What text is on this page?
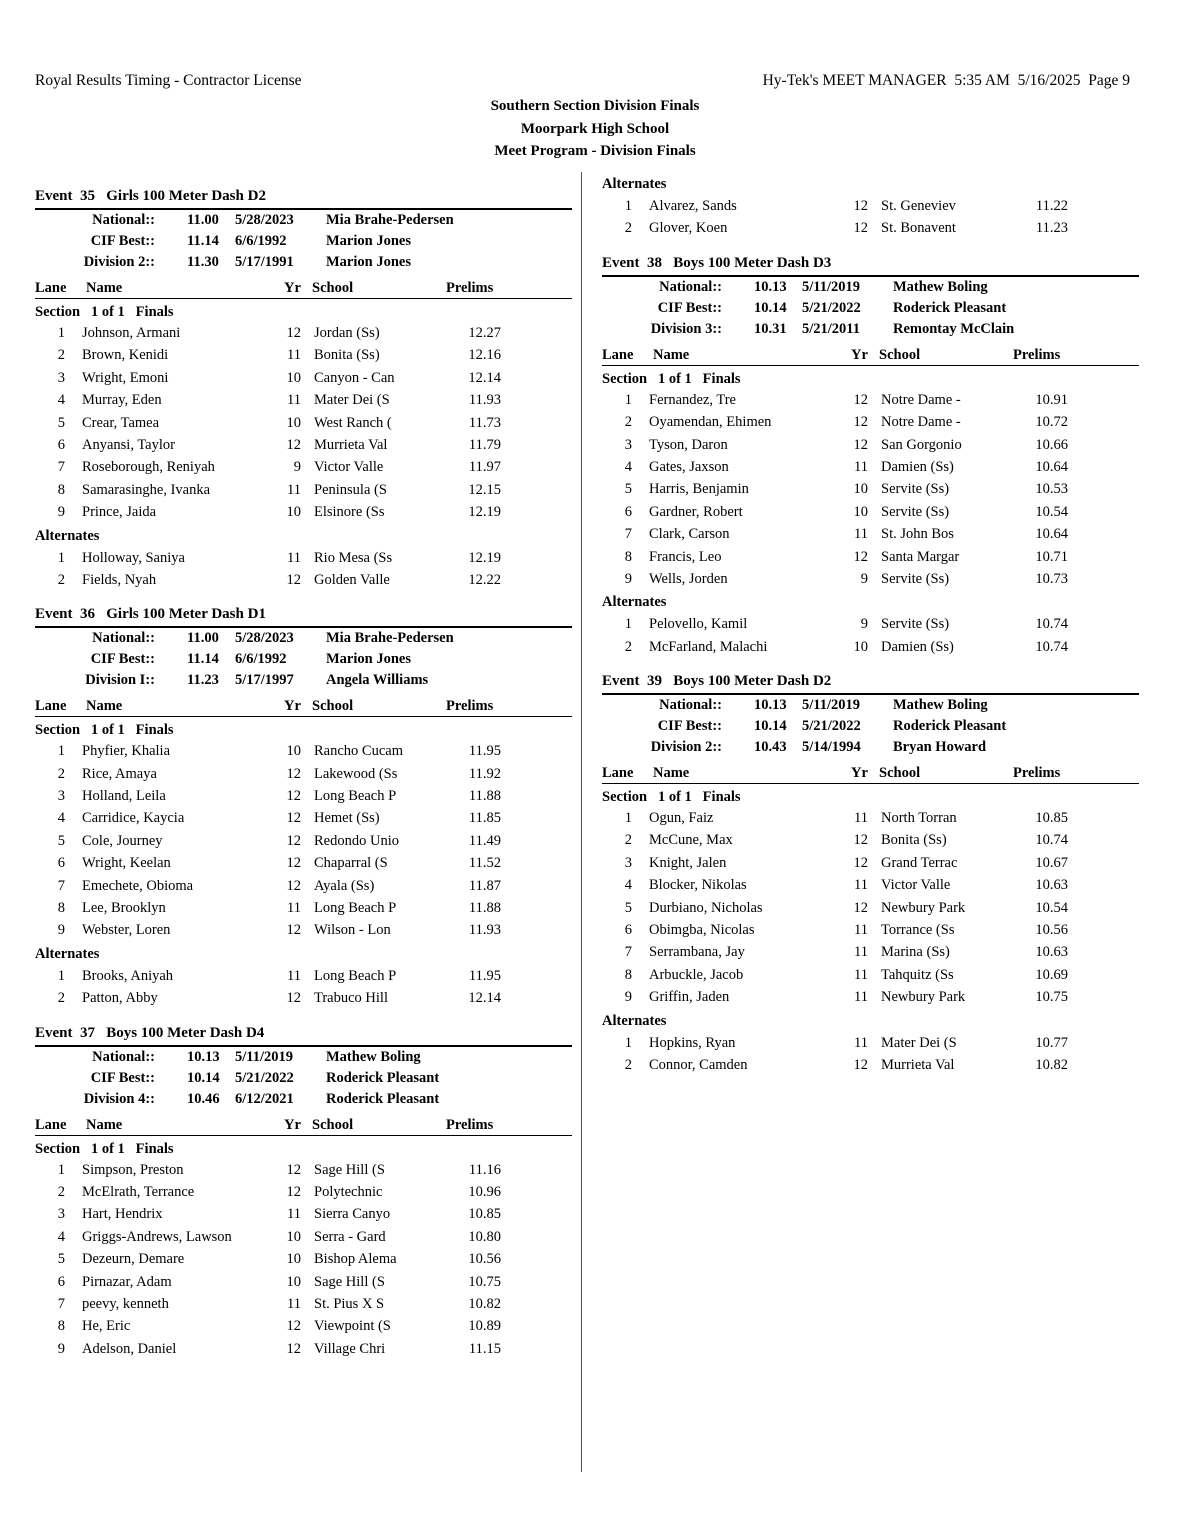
Royal Results Timing - Contractor License	Hy-Tek's MEET MANAGER  5:35 AM  5/16/2025  Page 9
Southern Section Division Finals
Moorpark High School
Meet Program - Division Finals
Event  35   Girls 100 Meter Dash D2
National:: 11.00 5/28/2023 Mia Brahe-Pedersen
CIF Best:: 11.14 6/6/1992	Marion Jones
Division 2:: 11.30 5/17/1991 Marion Jones
Lane Name	Yr School	Prelims
Section   1 of 1   Finals
1 Johnson, Armani	12 Jordan (Ss)	12.27
2 Brown, Kenidi	11 Bonita (Ss)	12.16
3 Wright, Emoni	10 Canyon - Can	12.14
4 Murray, Eden	11 Mater Dei (S	11.93
5 Crear, Tamea	10 West Ranch (	11.73
6 Anyansi, Taylor	12 Murrieta Val	11.79
7 Roseborough, Reniyah	9 Victor Valle	11.97
8 Samarasinghe, Ivanka	11 Peninsula (S	12.15
9 Prince, Jaida	10 Elsinore (Ss	12.19
Alternates
1 Holloway, Saniya	11 Rio Mesa (Ss	12.19
2 Fields, Nyah	12 Golden Valle	12.22
Event  36   Girls 100 Meter Dash D1
National:: 11.00 5/28/2023 Mia Brahe-Pedersen
CIF Best:: 11.14 6/6/1992	Marion Jones
Division I:: 11.23 5/17/1997 Angela Williams
Lane Name	Yr School	Prelims
Section   1 of 1   Finals
1 Phyfier, Khalia	10 Rancho Cucam	11.95
2 Rice, Amaya	12 Lakewood (Ss	11.92
3 Holland, Leila	12 Long Beach P	11.88
4 Carridice, Kaycia	12 Hemet (Ss)	11.85
5 Cole, Journey	12 Redondo Unio	11.49
6 Wright, Keelan	12 Chaparral (S	11.52
7 Emechete, Obioma	12 Ayala (Ss)	11.87
8 Lee, Brooklyn	11 Long Beach P	11.88
9 Webster, Loren	12 Wilson - Lon	11.93
Alternates
1 Brooks, Aniyah	11 Long Beach P	11.95
2 Patton, Abby	12 Trabuco Hill	12.14
Event  37   Boys 100 Meter Dash D4
National:: 10.13 5/11/2019 Mathew Boling
CIF Best:: 10.14 5/21/2022 Roderick Pleasant
Division 4:: 10.46 6/12/2021 Roderick Pleasant
Lane Name	Yr School	Prelims
Section   1 of 1   Finals
1 Simpson, Preston	12 Sage Hill (S	11.16
2 McElrath, Terrance	12 Polytechnic	10.96
3 Hart, Hendrix	11 Sierra Canyo	10.85
4 Griggs-Andrews, Lawson	10 Serra - Gard	10.80
5 Dezeurn, Demare	10 Bishop Alema	10.56
6 Pirnazar, Adam	10 Sage Hill (S	10.75
7 peevy, kenneth	11 St. Pius X S	10.82
8 He, Eric	12 Viewpoint (S	10.89
9 Adelson, Daniel	12 Village Chri	11.15
Alternates
1 Alvarez, Sands	12 St. Geneviev	11.22
2 Glover, Koen	12 St. Bonavent	11.23
Event  38   Boys 100 Meter Dash D3
National:: 10.13 5/11/2019 Mathew Boling
CIF Best:: 10.14 5/21/2022 Roderick Pleasant
Division 3:: 10.31 5/21/2011 Remontay McClain
Lane Name	Yr School	Prelims
Section   1 of 1   Finals
1 Fernandez, Tre	12 Notre Dame -	10.91
2 Oyamendan, Ehimen	12 Notre Dame -	10.72
3 Tyson, Daron	12 San Gorgonio	10.66
4 Gates, Jaxson	11 Damien (Ss)	10.64
5 Harris, Benjamin	10 Servite (Ss)	10.53
6 Gardner, Robert	10 Servite (Ss)	10.54
7 Clark, Carson	11 St. John Bos	10.64
8 Francis, Leo	12 Santa Margar	10.71
9 Wells, Jorden	9 Servite (Ss)	10.73
Alternates
1 Pelovello, Kamil	9 Servite (Ss)	10.74
2 McFarland, Malachi	10 Damien (Ss)	10.74
Event  39   Boys 100 Meter Dash D2
National:: 10.13 5/11/2019 Mathew Boling
CIF Best:: 10.14 5/21/2022 Roderick Pleasant
Division 2:: 10.43 5/14/1994 Bryan Howard
Lane Name	Yr School	Prelims
Section   1 of 1   Finals
1 Ogun, Faiz	11 North Torran	10.85
2 McCune, Max	12 Bonita (Ss)	10.74
3 Knight, Jalen	12 Grand Terrac	10.67
4 Blocker, Nikolas	11 Victor Valle	10.63
5 Durbiano, Nicholas	12 Newbury Park	10.54
6 Obimgba, Nicolas	11 Torrance (Ss	10.56
7 Serrambana, Jay	11 Marina (Ss)	10.63
8 Arbuckle, Jacob	11 Tahquitz (Ss	10.69
9 Griffin, Jaden	11 Newbury Park	10.75
Alternates
1 Hopkins, Ryan	11 Mater Dei (S	10.77
2 Connor, Camden	12 Murrieta Val	10.82
